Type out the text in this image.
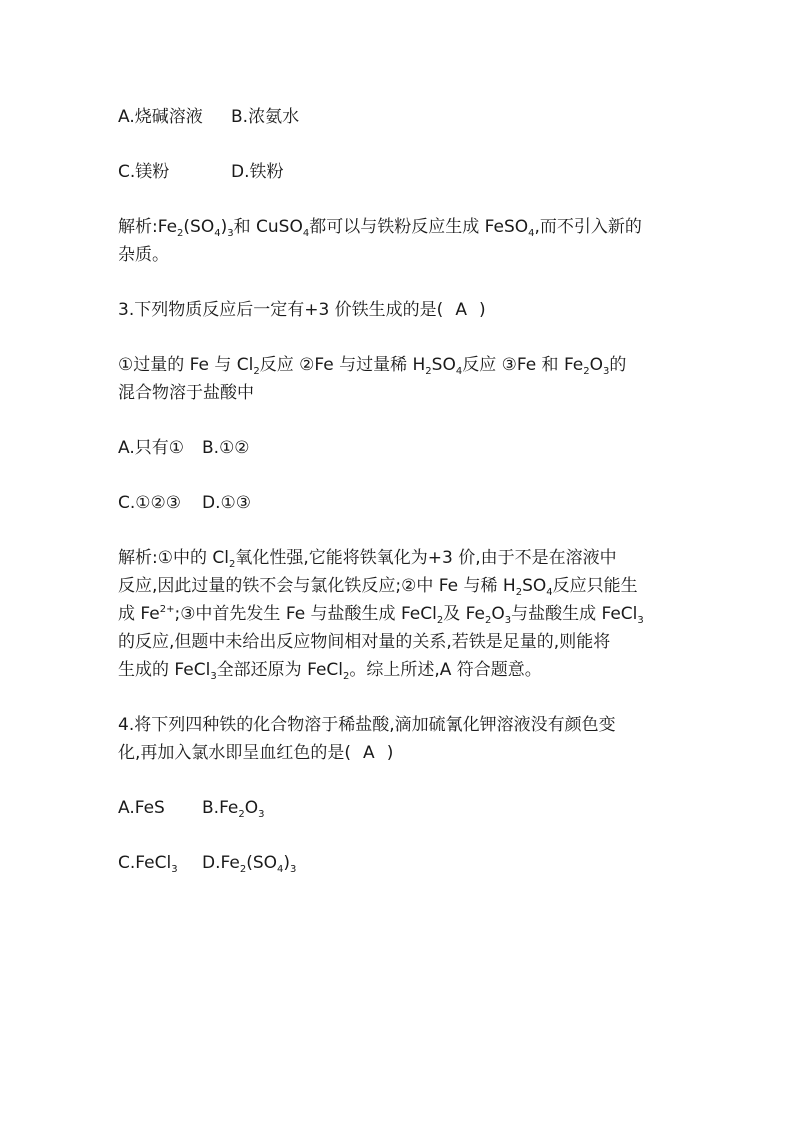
A.烧碱溶液 B.浓氨水
C.镁粉	D.铁粉
解析$:Fe_2(SO_4)_3$和 CuSO$_4$都可以与铁粉反应生成 FeSO$_4$,而不引入新的
杂质。
3.下列物质反应后一定有+3 价铁生成的是( A )
①过量的 Fe 与 $Cl_2$反应 ②Fe 与过量稀 $H_2SO_4$反应 ③Fe 和 $Fe_2O_3$的
混合物溶于盐酸中
A.只有① B.①②
C.①②③ D.①③
解析:①中的 $Cl_2$氧化性强,它能将铁氧化为+3 价,由于不是在溶液中
反应,因此过量的铁不会与氯化铁反应;②中 Fe 与稀 $H_2SO_4$反应只能生
成 $Fe^{2+};③$中首先发生 Fe 与盐酸生成 FeCl$_2$及 $Fe_2O_3$与盐酸生成 FeCl$_3$
的反应,但题中未给出反应物间相对量的关系,若铁是足量的,则能将
生成的 FeCl$_3$全部还原为 FeCl$_2$。综上所述,A 符合题意。
4.将下列四种铁的化合物溶于稀盐酸,滴加硫氰化钾溶液没有颜色变
化,再加入氯水即呈血红色的是( A )
A.FeS $B.Fe_2O_3$
C.FeCl$_3$ $D.Fe_2(SO_4)_3$
